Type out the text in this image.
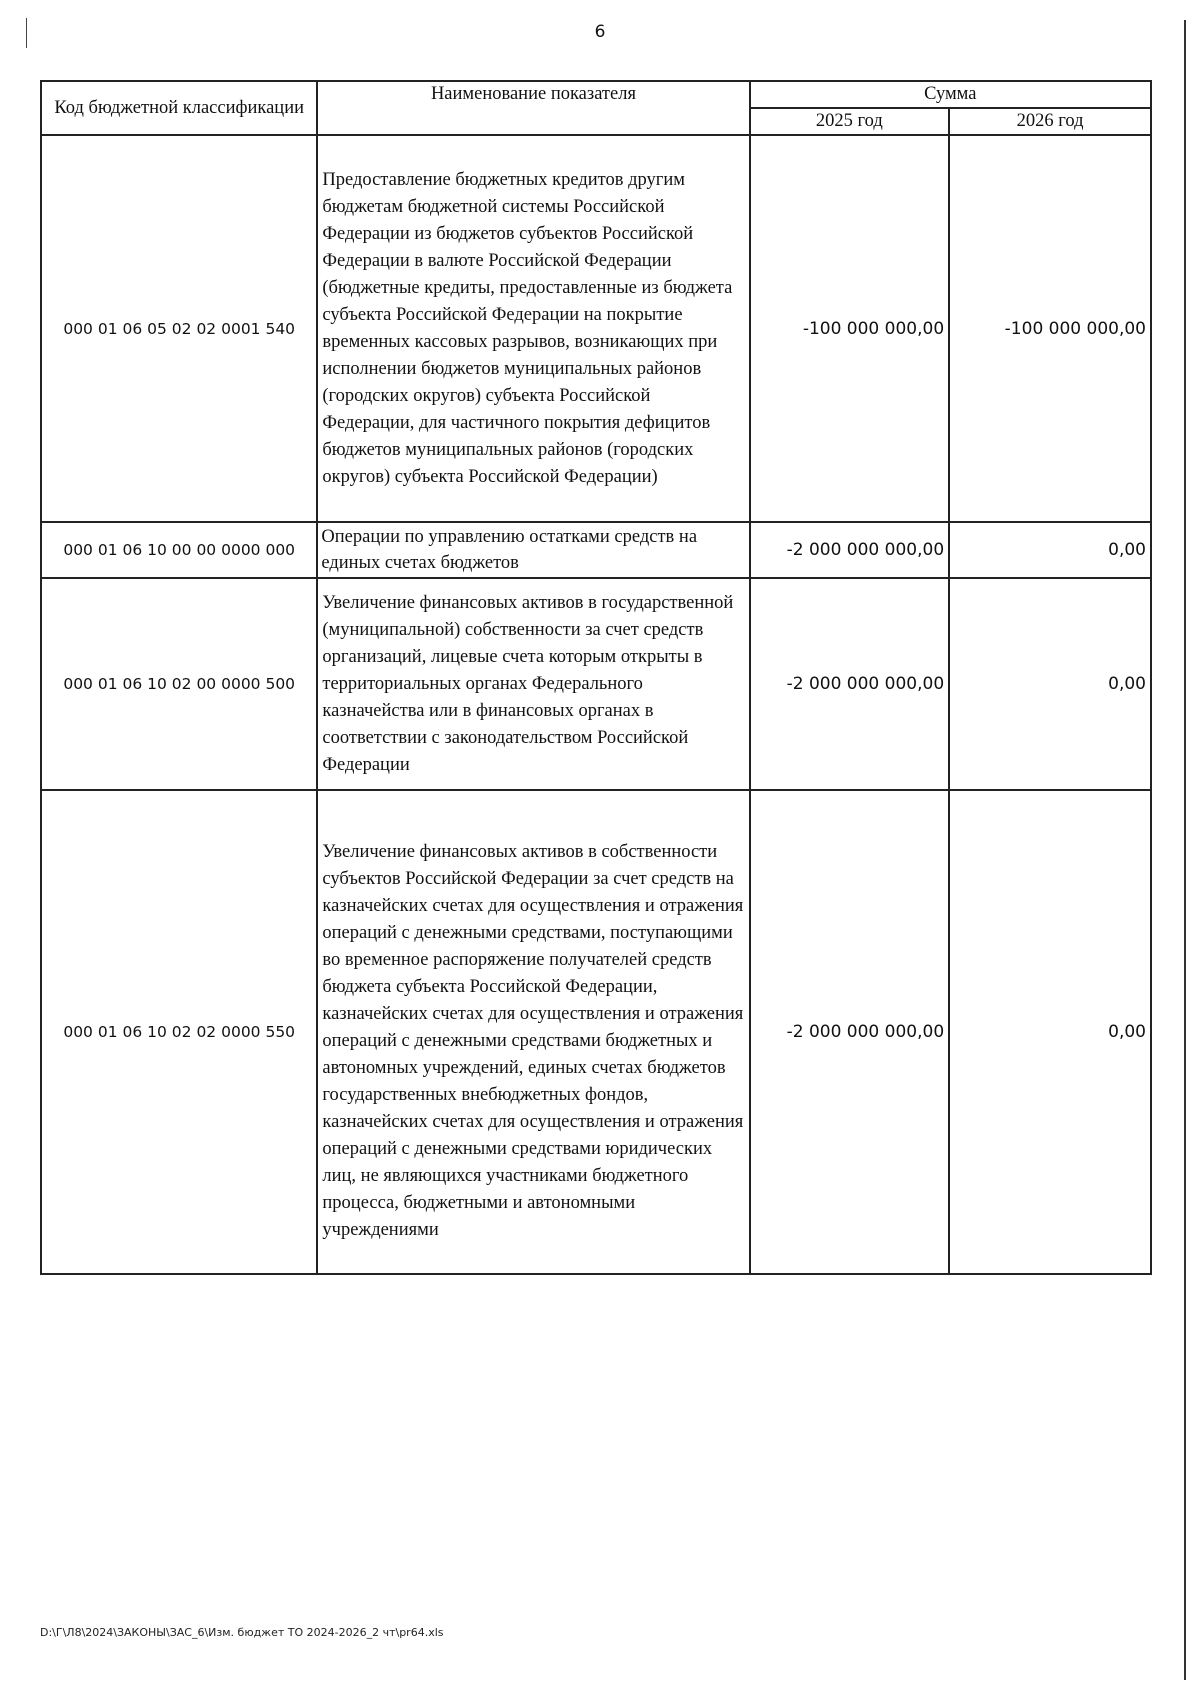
6
Код бюджетной классификации	Наименование показателя	Сумма	
		2025 год	2026 год
000 01 06 05 02 02 0001 540	Предоставление бюджетных кредитов другим бюджетам бюджетной системы Российской Федерации из бюджетов субъектов Российской Федерации в валюте Российской Федерации (бюджетные кредиты, предоставленные из бюджета субъекта Российской Федерации на покрытие временных кассовых разрывов, возникающих при исполнении бюджетов муниципальных районов (городских округов) субъекта Российской Федерации, для частичного покрытия дефицитов бюджетов муниципальных районов (городских округов) субъекта Российской Федерации)	-100 000 000,00	-100 000 000,00
000 01 06 10 00 00 0000 000	Операции по управлению остатками средств на единых счетах бюджетов	-2 000 000 000,00	0,00
000 01 06 10 02 00 0000 500	Увеличение финансовых активов в государственной (муниципальной) собственности за счет средств организаций, лицевые счета которым открыты в территориальных органах Федерального казначейства или в финансовых органах в соответствии с законодательством Российской Федерации	-2 000 000 000,00	0,00
000 01 06 10 02 02 0000 550	Увеличение финансовых активов в собственности субъектов Российской Федерации за счет средств на казначейских счетах для осуществления и отражения операций с денежными средствами, поступающими во временное распоряжение получателей средств бюджета субъекта Российской Федерации, казначейских счетах для осуществления и отражения операций с денежными средствами бюджетных и автономных учреждений, единых счетах бюджетов государственных внебюджетных фондов, казначейских счетах для осуществления и отражения операций с денежными средствами юридических лиц, не являющихся участниками бюджетного процесса, бюджетными и автономными учреждениями	-2 000 000 000,00	0,00
D:\Г\Л8\2024\ЗАКОНЫ\ЗАС_6\Изм. бюджет ТО 2024-2026_2 чт\pr64.xls
